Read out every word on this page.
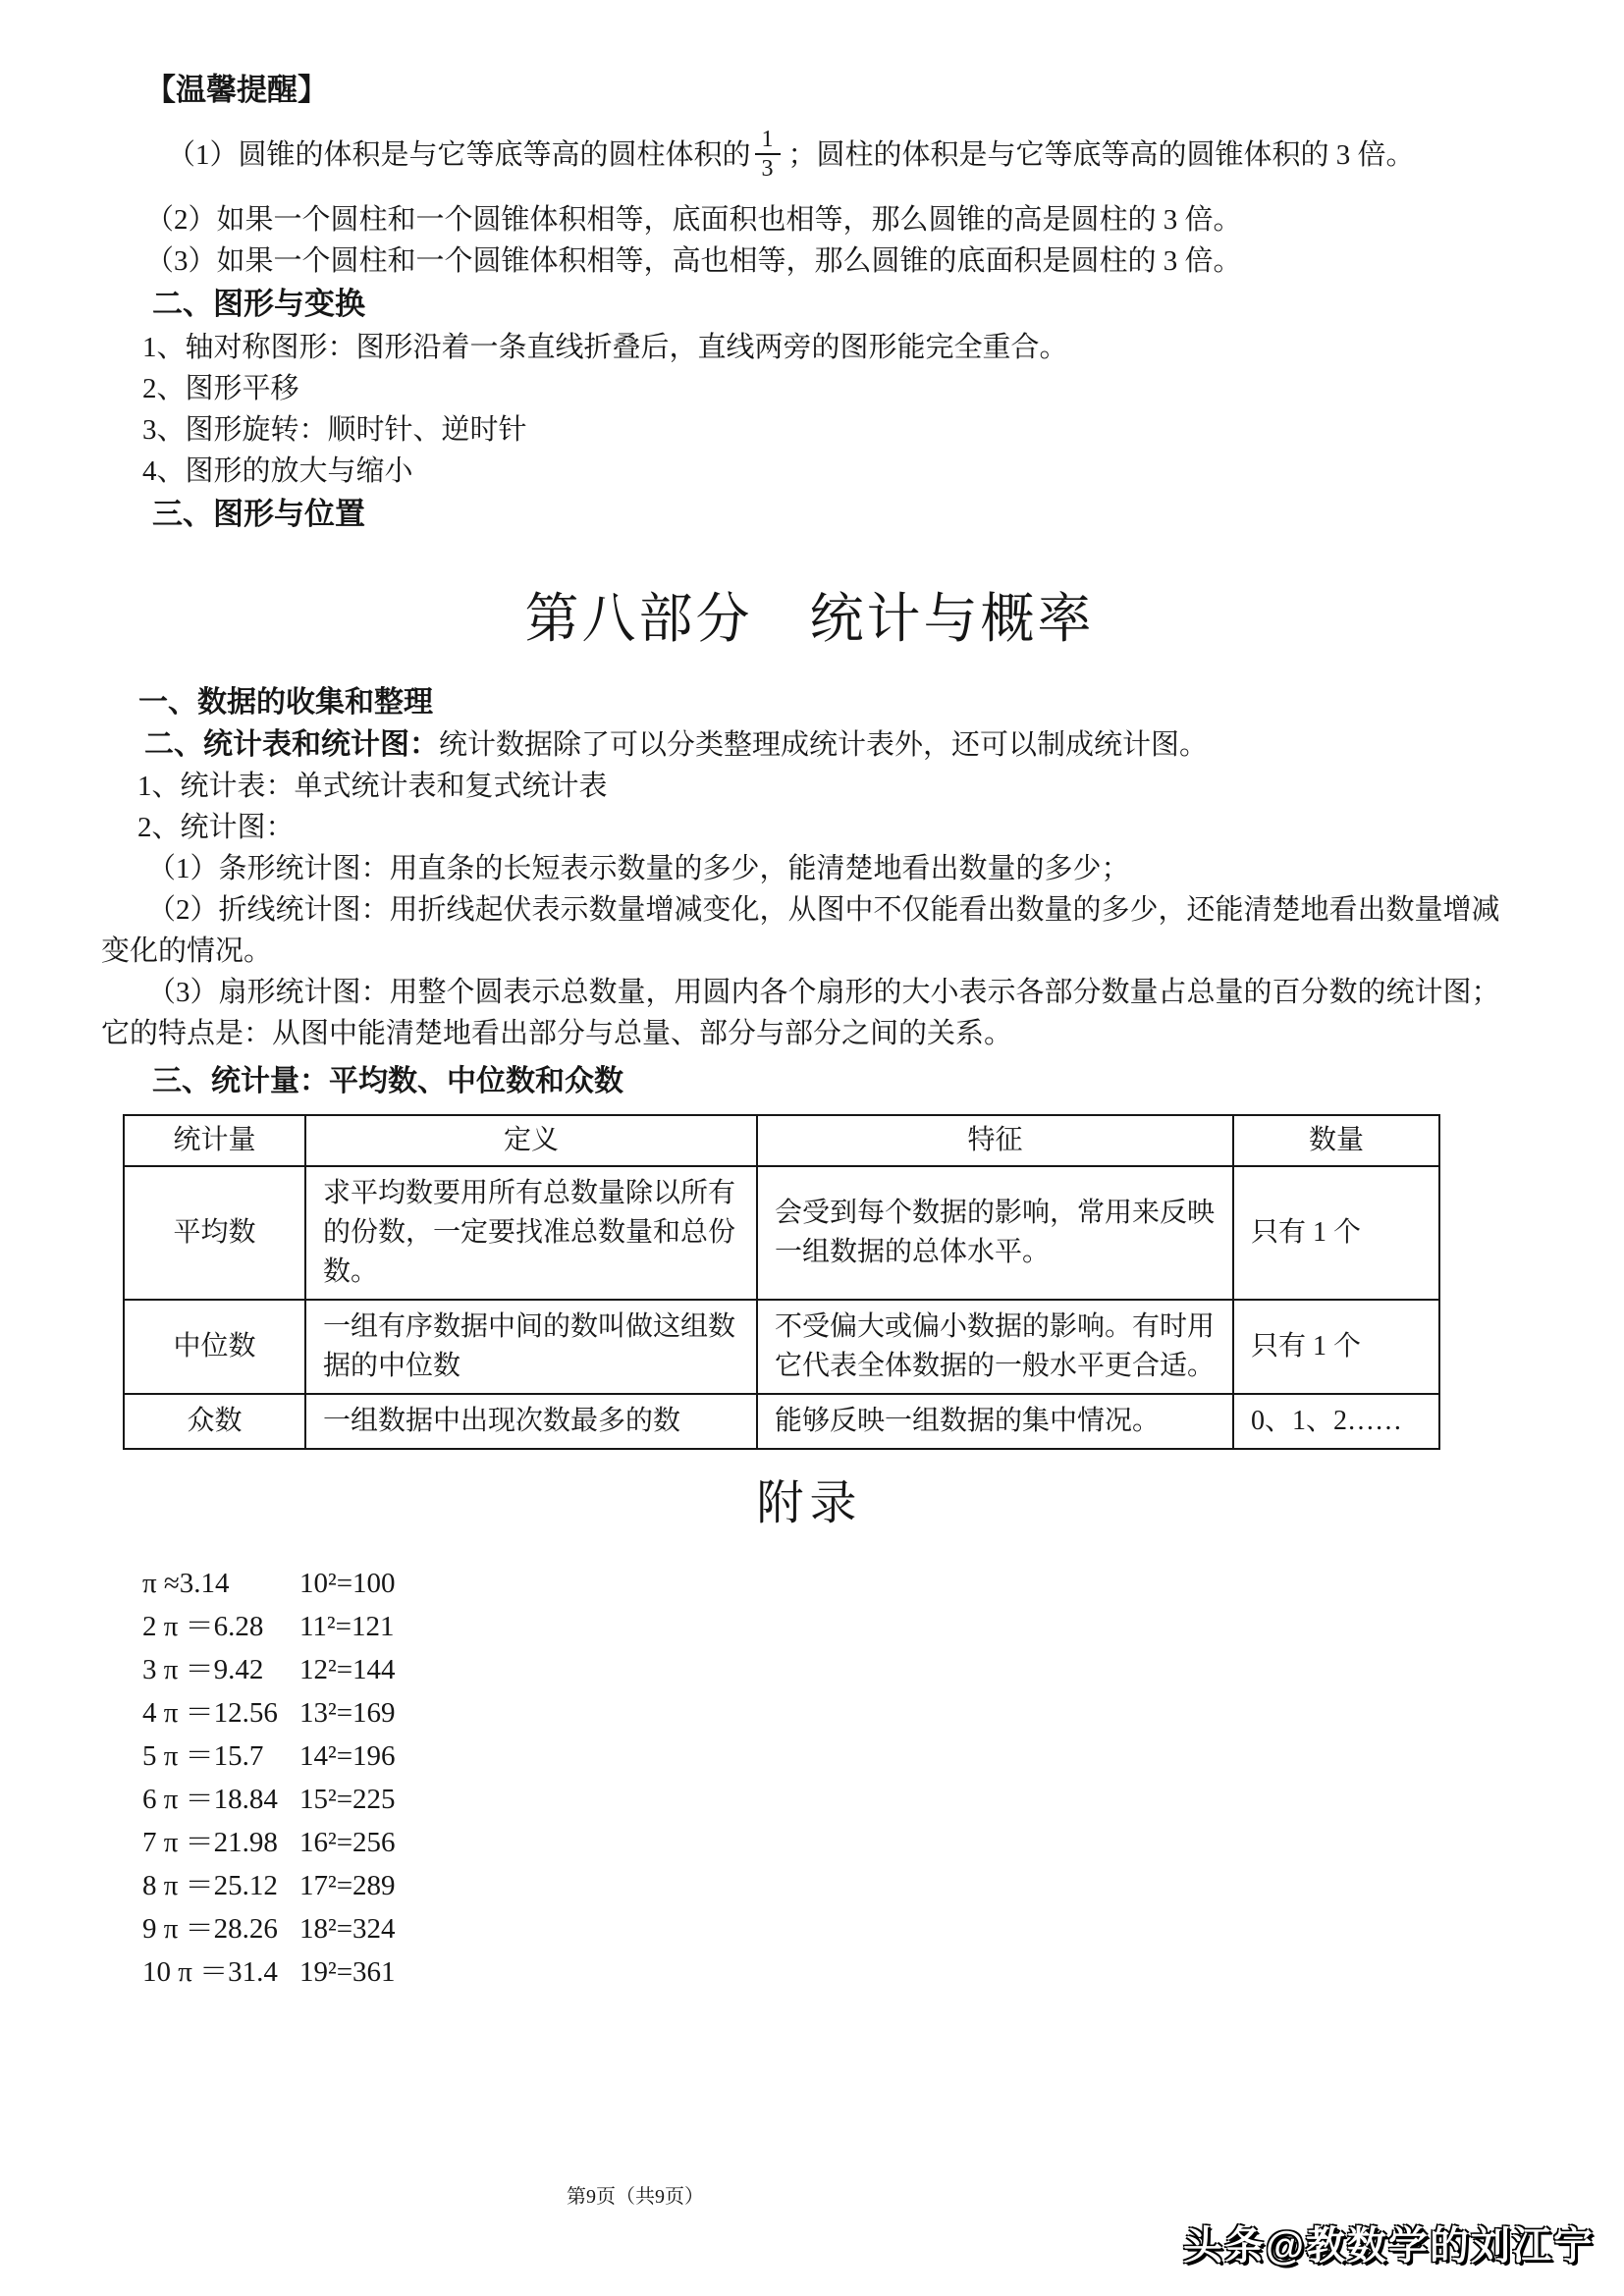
【温馨提醒】

（1）圆锥的体积是与它等底等高的圆柱体积的 $\frac{1}{3}$ ；圆柱的体积是与它等底等高的圆锥体积的 3 倍。

（2）如果一个圆柱和一个圆锥体积相等，底面积也相等，那么圆锥的高是圆柱的 3 倍。

（3）如果一个圆柱和一个圆锥体积相等，高也相等，那么圆锥的底面积是圆柱的 3 倍。

二、图形与变换

1、轴对称图形：图形沿着一条直线折叠后，直线两旁的图形能完全重合。

2、图形平移

3、图形旋转：顺时针、逆时针

4、图形的放大与缩小

三、图形与位置

第八部分　统计与概率

一、数据的收集和整理

二、统计表和统计图：统计数据除了可以分类整理成统计表外，还可以制成统计图。

1、统计表：单式统计表和复式统计表

2、统计图：

（1）条形统计图：用直条的长短表示数量的多少，能清楚地看出数量的多少；

（2）折线统计图：用折线起伏表示数量增减变化，从图中不仅能看出数量的多少，还能清楚地看出数量增减变化的情况。

（3）扇形统计图：用整个圆表示总数量，用圆内各个扇形的大小表示各部分数量占总量的百分数的统计图；它的特点是：从图中能清楚地看出部分与总量、部分与部分之间的关系。

三、统计量：平均数、中位数和众数

统计量	定义	特征	数量
平均数	求平均数要用所有总数量除以所有的份数，一定要找准总数量和总份数。	会受到每个数据的影响，常用来反映一组数据的总体水平。	只有 1 个
中位数	一组有序数据中间的数叫做这组数据的中位数	不受偏大或偏小数据的影响。有时用它代表全体数据的一般水平更合适。	只有 1 个
众数	一组数据中出现次数最多的数	能够反映一组数据的集中情况。	0、1、2……
附录
π ≈3.14	10²=100
2 π ＝6.28	11²=121
3 π ＝9.42	12²=144
4 π ＝12.56 13²=169
5 π ＝15.7	14²=196
6 π ＝18.84 15²=225
7 π ＝21.98 16²=256
8 π ＝25.12 17²=289
9 π ＝28.26 18²=324
10 π ＝31.4 19²=361
第9页（共9页）
头条@教数学的刘江宁
